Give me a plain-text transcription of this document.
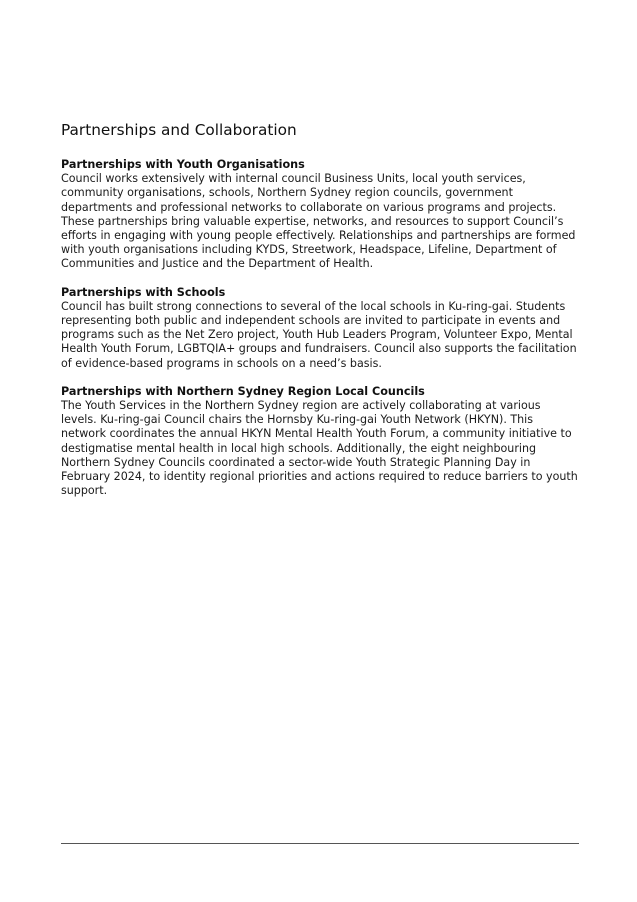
Partnerships and Collaboration
Partnerships with Youth Organisations

Council works extensively with internal council Business Units, local youth services, community organisations, schools, Northern Sydney region councils, government departments and professional networks to collaborate on various programs and projects. These partnerships bring valuable expertise, networks, and resources to support Council’s efforts in engaging with young people effectively. Relationships and partnerships are formed with youth organisations including KYDS, Streetwork, Headspace, Lifeline, Department of Communities and Justice and the Department of Health.

Partnerships with Schools

Council has built strong connections to several of the local schools in Ku-ring-gai. Students representing both public and independent schools are invited to participate in events and programs such as the Net Zero project, Youth Hub Leaders Program, Volunteer Expo, Mental Health Youth Forum, LGBTQIA+ groups and fundraisers. Council also supports the facilitation of evidence-based programs in schools on a need’s basis.

Partnerships with Northern Sydney Region Local Councils

The Youth Services in the Northern Sydney region are actively collaborating at various levels. Ku-ring-gai Council chairs the Hornsby Ku-ring-gai Youth Network (HKYN). This network coordinates the annual HKYN Mental Health Youth Forum, a community initiative to destigmatise mental health in local high schools. Additionally, the eight neighbouring Northern Sydney Councils coordinated a sector-wide Youth Strategic Planning Day in February 2024, to identity regional priorities and actions required to reduce barriers to youth support.
